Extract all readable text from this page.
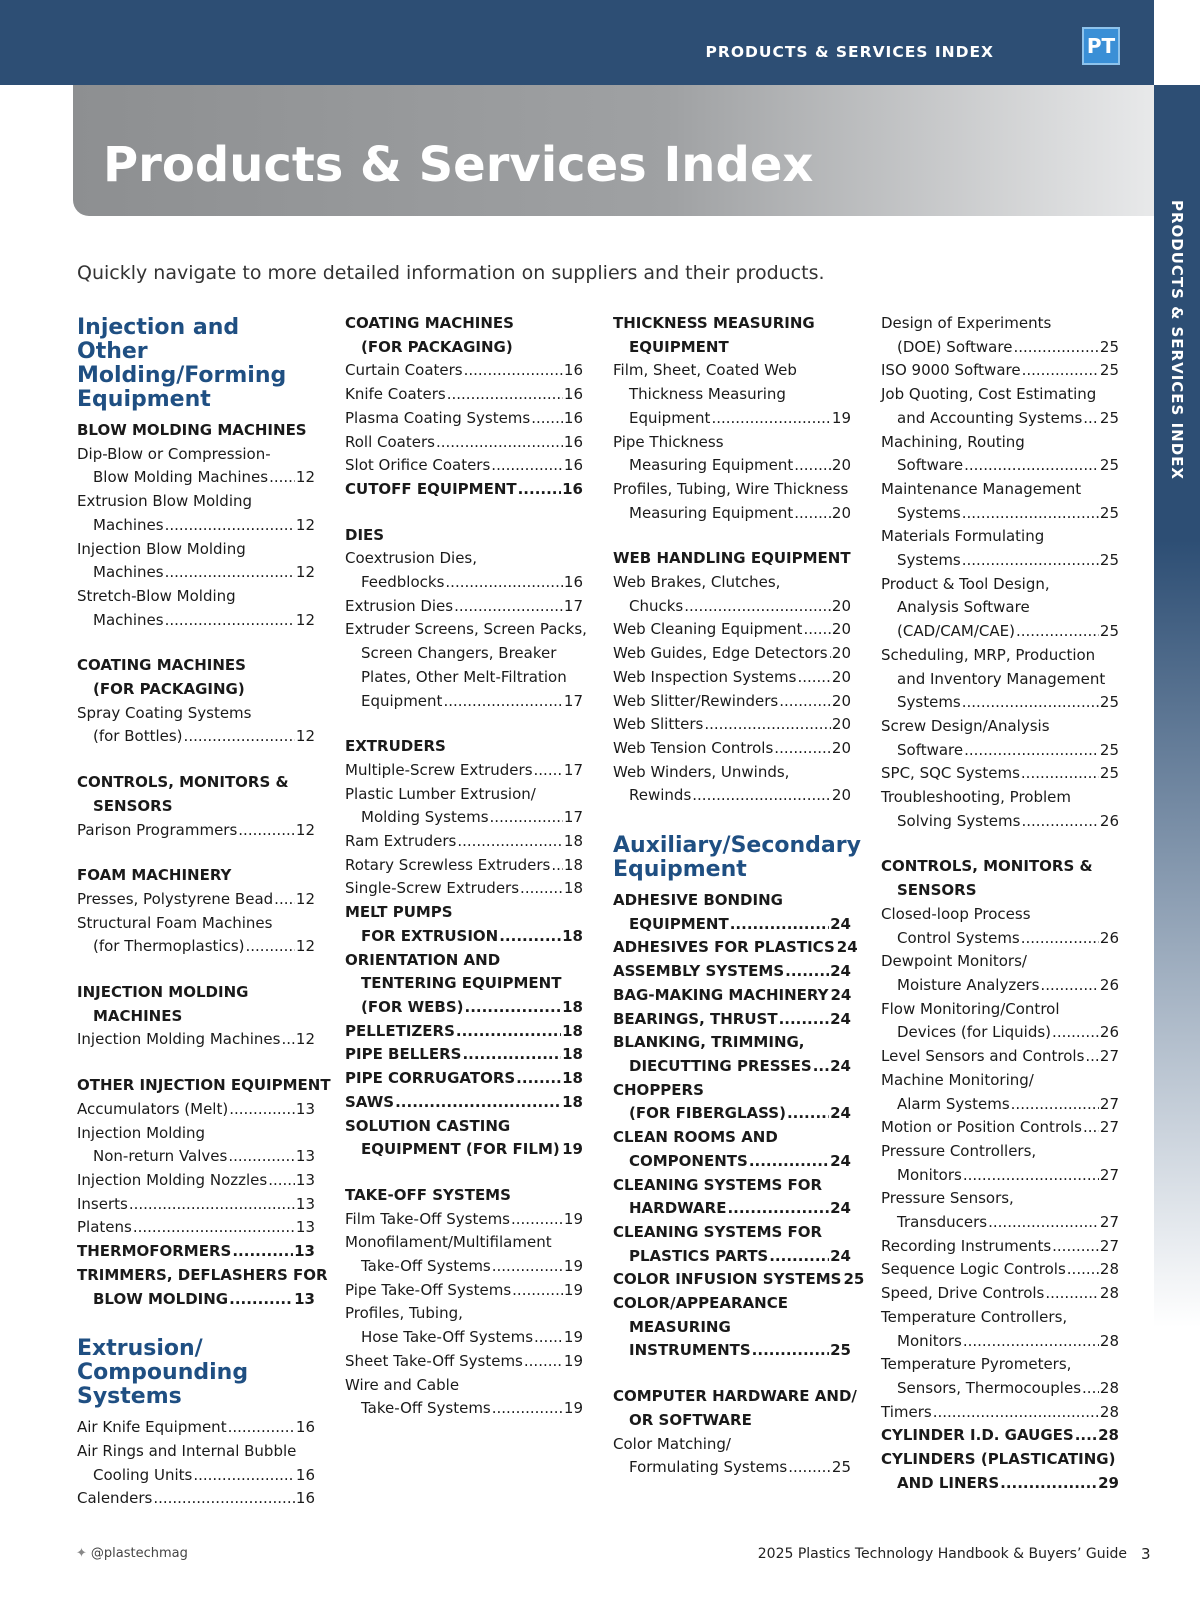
PRODUCTS & SERVICES INDEX	PT
PRODUCTS & SERVICES INDEX
Products & Services Index
Quickly navigate to more detailed information on suppliers and their products.
Injection and Other
Molding/Forming
Equipment
BLOW MOLDING MACHINES
Dip-Blow or Compression-
Blow Molding Machines ..... 12
Extrusion Blow Molding
Machines .....	12
Injection Blow Molding
Machines .....	12
Stretch-Blow Molding
Machines .....	12
COATING MACHINES
(FOR PACKAGING)
Spray Coating Systems
(for Bottles) .....	12
CONTROLS, MONITORS &
SENSORS
Parison Programmers .....	12
FOAM MACHINERY
Presses, Polystyrene Bead ..... 12
Structural Foam Machines
(for Thermoplastics) .....	12
INJECTION MOLDING
MACHINES
Injection Molding Machines ..... 12
OTHER INJECTION EQUIPMENT
Accumulators (Melt) .....	13
Injection Molding
Non-return Valves .....	13
Injection Molding Nozzles ..... 13
Inserts .....	13
Platens .....	13
THERMOFORMERS .....	13
TRIMMERS, DEFLASHERS FOR
BLOW MOLDING .....	13
Extrusion/
Compounding
Systems
Air Knife Equipment .....	16
Air Rings and Internal Bubble
Cooling Units .....	16
Calenders .....	16
COATING MACHINES
(FOR PACKAGING)
Curtain Coaters .....	16
Knife Coaters .....	16
Plasma Coating Systems ..... 16
Roll Coaters .....	16
Slot Orifice Coaters .....	16
CUTOFF EQUIPMENT .....	16
DIES
Coextrusion Dies,
Feedblocks .....	16
Extrusion Dies .....	17
Extruder Screens, Screen Packs,
Screen Changers, Breaker
Plates, Other Melt-Filtration
Equipment .....	17
EXTRUDERS
Multiple-Screw Extruders ..... 17
Plastic Lumber Extrusion/
Molding Systems .....	17
Ram Extruders .....	18
Rotary Screwless Extruders ..... 18
Single-Screw Extruders .....	18
MELT PUMPS
FOR EXTRUSION .....	18
ORIENTATION AND
TENTERING EQUIPMENT
(FOR WEBS) .....	18
PELLETIZERS .....	18
PIPE BELLERS .....	18
PIPE CORRUGATORS .....	18
SAWS .....	18
SOLUTION CASTING
EQUIPMENT (FOR FILM) ..... 19
TAKE-OFF SYSTEMS
Film Take-Off Systems .....	19
Monofilament/Multifilament
Take-Off Systems .....	19
Pipe Take-Off Systems .....	19
Profiles, Tubing,
Hose Take-Off Systems ..... 19
Sheet Take-Off Systems .....	19
Wire and Cable
Take-Off Systems .....	19
THICKNESS MEASURING
EQUIPMENT
Film, Sheet, Coated Web
Thickness Measuring
Equipment .....	19
Pipe Thickness
Measuring Equipment .....	20
Profiles, Tubing, Wire Thickness
Measuring Equipment .....	20
WEB HANDLING EQUIPMENT
Web Brakes, Clutches,
Chucks .....	20
Web Cleaning Equipment ..... 20
Web Guides, Edge Detectors ..... 20
Web Inspection Systems ..... 20
Web Slitter/Rewinders .....	20
Web Slitters .....	20
Web Tension Controls .....	20
Web Winders, Unwinds,
Rewinds .....	20
Auxiliary/Secondary
Equipment
ADHESIVE BONDING
EQUIPMENT .....	24
ADHESIVES FOR PLASTICS 24
ASSEMBLY SYSTEMS .....	24
BAG-MAKING MACHINERY 24
BEARINGS, THRUST .....	24
BLANKING, TRIMMING,
DIECUTTING PRESSES ..... 24
CHOPPERS
(FOR FIBERGLASS) .....	24
CLEAN ROOMS AND
COMPONENTS .....	24
CLEANING SYSTEMS FOR
HARDWARE .....	24
CLEANING SYSTEMS FOR
PLASTICS PARTS .....	24
COLOR INFUSION SYSTEMS 25
COLOR/APPEARANCE
MEASURING
INSTRUMENTS .....	25
COMPUTER HARDWARE AND/
OR SOFTWARE
Color Matching/
Formulating Systems .....	25
Design of Experiments
(DOE) Software .....	25
ISO 9000 Software .....	25
Job Quoting, Cost Estimating
and Accounting Systems ..... 25
Machining, Routing
Software .....	25
Maintenance Management
Systems .....	25
Materials Formulating
Systems .....	25
Product & Tool Design,
Analysis Software
(CAD/CAM/CAE) .....	25
Scheduling, MRP, Production
and Inventory Management
Systems .....	25
Screw Design/Analysis
Software .....	25
SPC, SQC Systems .....	25
Troubleshooting, Problem
Solving Systems .....	26
CONTROLS, MONITORS &
SENSORS
Closed-loop Process
Control Systems .....	26
Dewpoint Monitors/
Moisture Analyzers .....	26
Flow Monitoring/Control
Devices (for Liquids) .....	26
Level Sensors and Controls ..... 27
Machine Monitoring/
Alarm Systems .....	27
Motion or Position Controls ..... 27
Pressure Controllers,
Monitors .....	27
Pressure Sensors,
Transducers .....	27
Recording Instruments .....	27
Sequence Logic Controls ..... 28
Speed, Drive Controls .....	28
Temperature Controllers,
Monitors .....	28
Temperature Pyrometers,
Sensors, Thermocouples ..... 28
Timers .....	28
CYLINDER I.D. GAUGES ..... 28
CYLINDERS (PLASTICATING)
AND LINERS .....	29
✦ @plastechmag	2025 Plastics Technology Handbook & Buyers’ Guide 3
